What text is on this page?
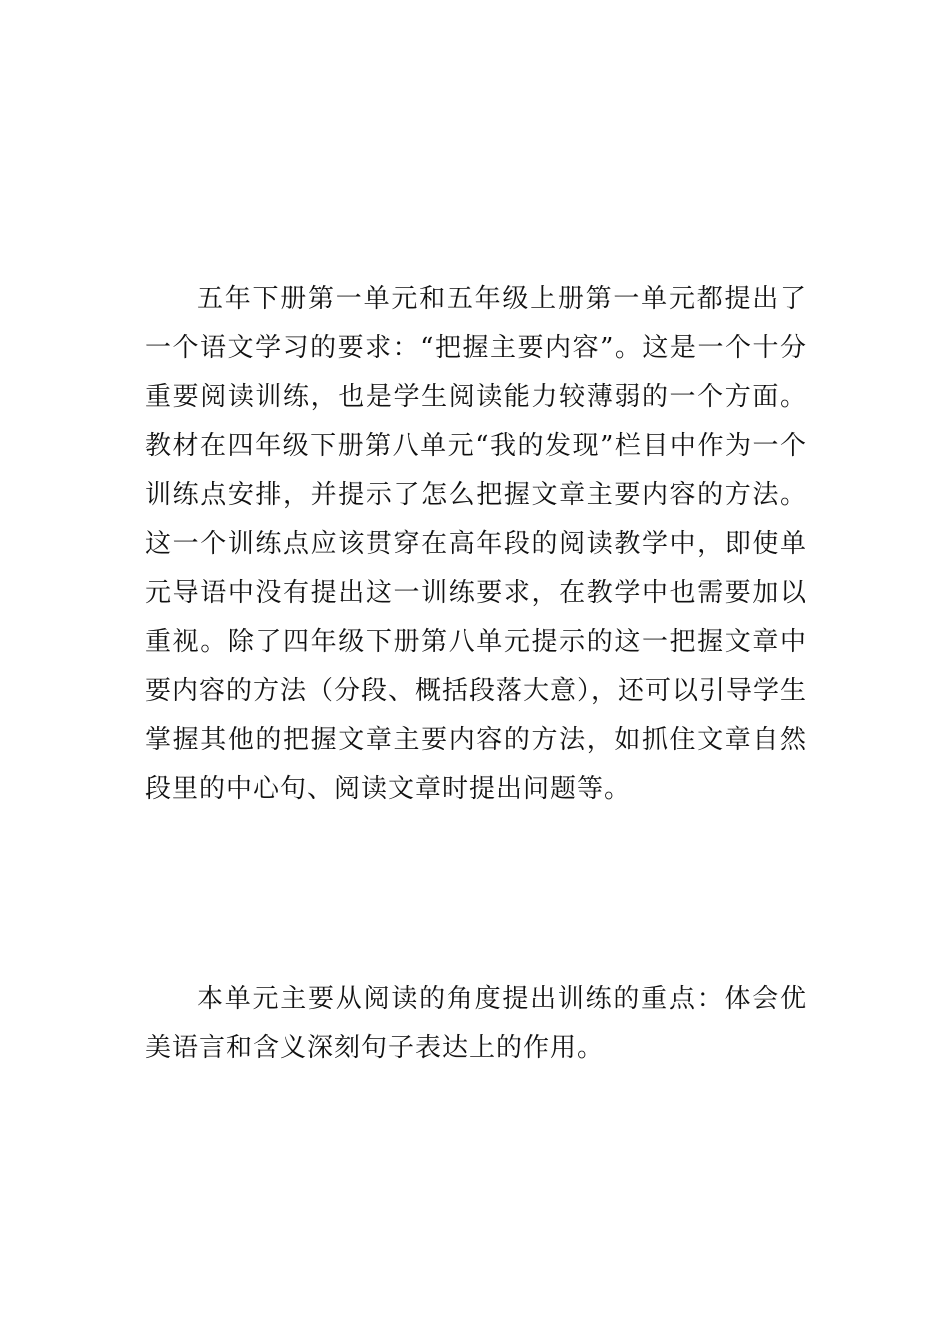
五年下册第一单元和五年级上册第一单元都提出了一个语文学习的要求：“把握主要内容”。这是一个十分重要阅读训练，也是学生阅读能力较薄弱的一个方面。教材在四年级下册第八单元“我的发现”栏目中作为一个训练点安排，并提示了怎么把握文章主要内容的方法。这一个训练点应该贯穿在高年段的阅读教学中，即使单元导语中没有提出这一训练要求，在教学中也需要加以重视。除了四年级下册第八单元提示的这一把握文章中要内容的方法（分段、概括段落大意），还可以引导学生掌握其他的把握文章主要内容的方法，如抓住文章自然段里的中心句、阅读文章时提出问题等。

本单元主要从阅读的角度提出训练的重点：体会优美语言和含义深刻句子表达上的作用。
